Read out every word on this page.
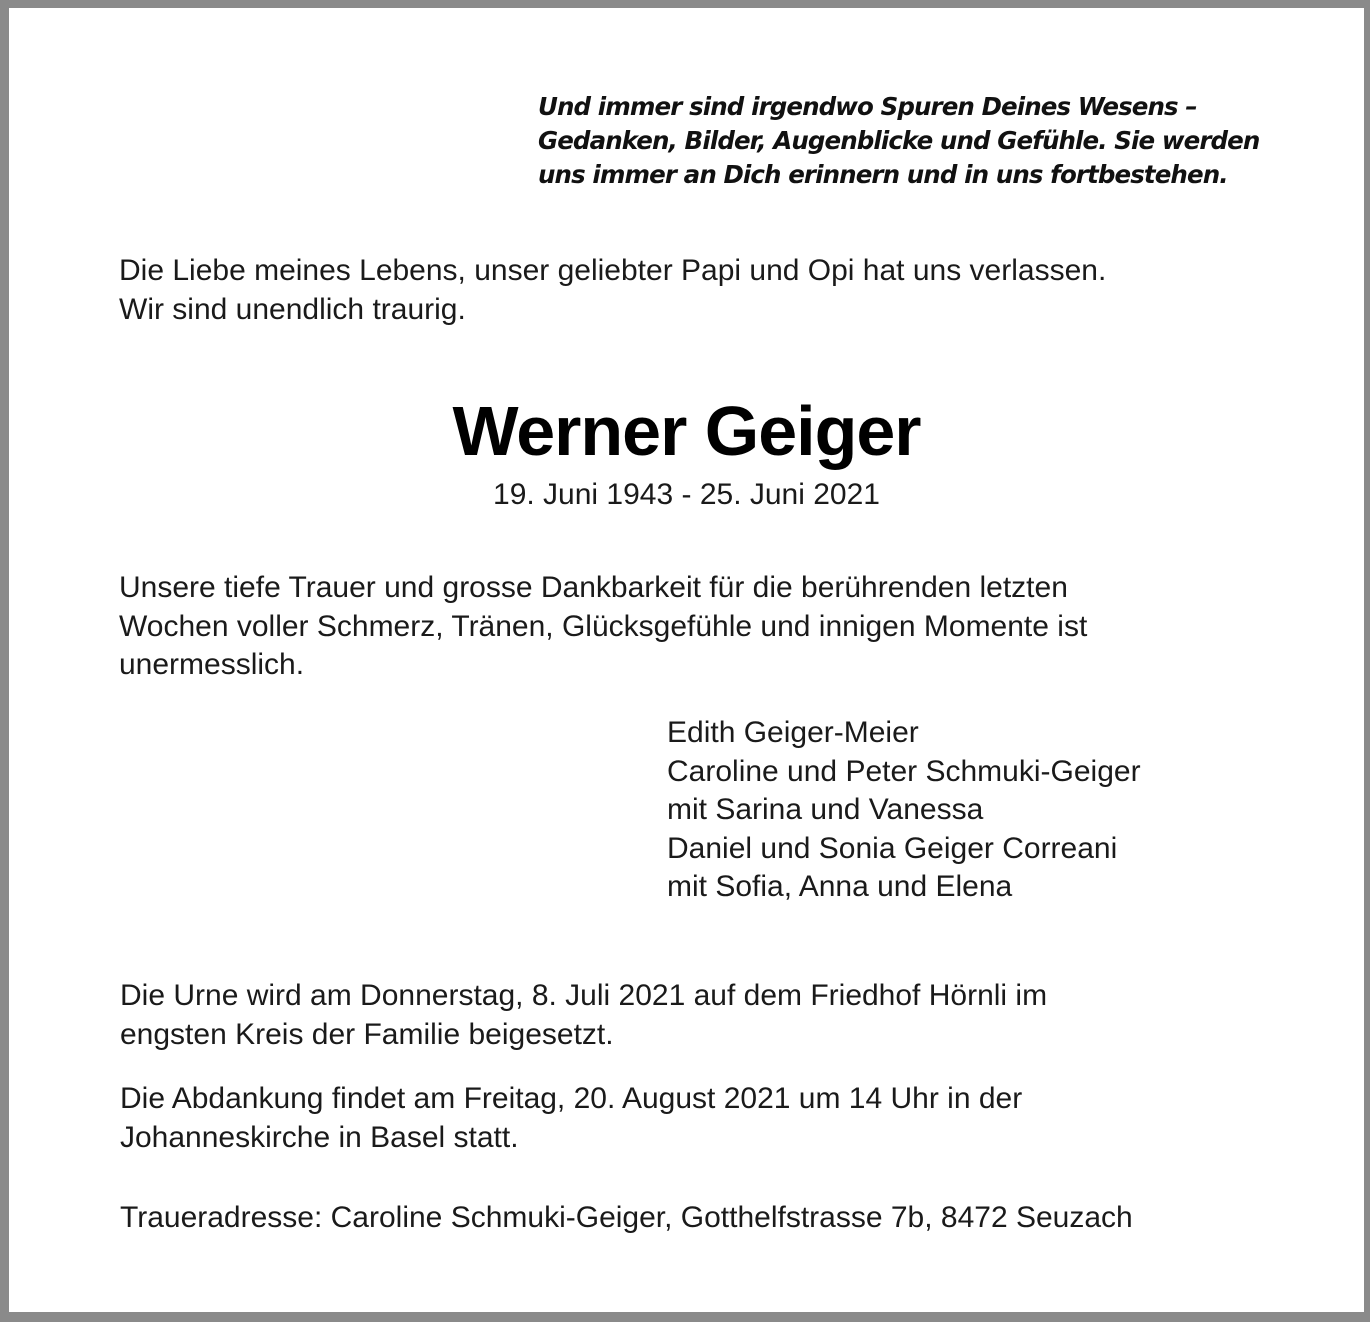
Und immer sind irgendwo Spuren Deines Wesens –
Gedanken, Bilder, Augenblicke und Gefühle. Sie werden
uns immer an Dich erinnern und in uns fortbestehen.
Die Liebe meines Lebens, unser geliebter Papi und Opi hat uns verlassen.
Wir sind unendlich traurig.
Werner Geiger
19. Juni 1943 - 25. Juni 2021
Unsere tiefe Trauer und grosse Dankbarkeit für die berührenden letzten
Wochen voller Schmerz, Tränen, Glücksgefühle und innigen Momente ist
unermesslich.
Edith Geiger-Meier
Caroline und Peter Schmuki-Geiger
mit Sarina und Vanessa
Daniel und Sonia Geiger Correani
mit Sofia, Anna und Elena
Die Urne wird am Donnerstag, 8. Juli 2021 auf dem Friedhof Hörnli im
engsten Kreis der Familie beigesetzt.
Die Abdankung findet am Freitag, 20. August 2021 um 14 Uhr in der
Johanneskirche in Basel statt.
Traueradresse: Caroline Schmuki-Geiger, Gotthelfstrasse 7b, 8472 Seuzach
